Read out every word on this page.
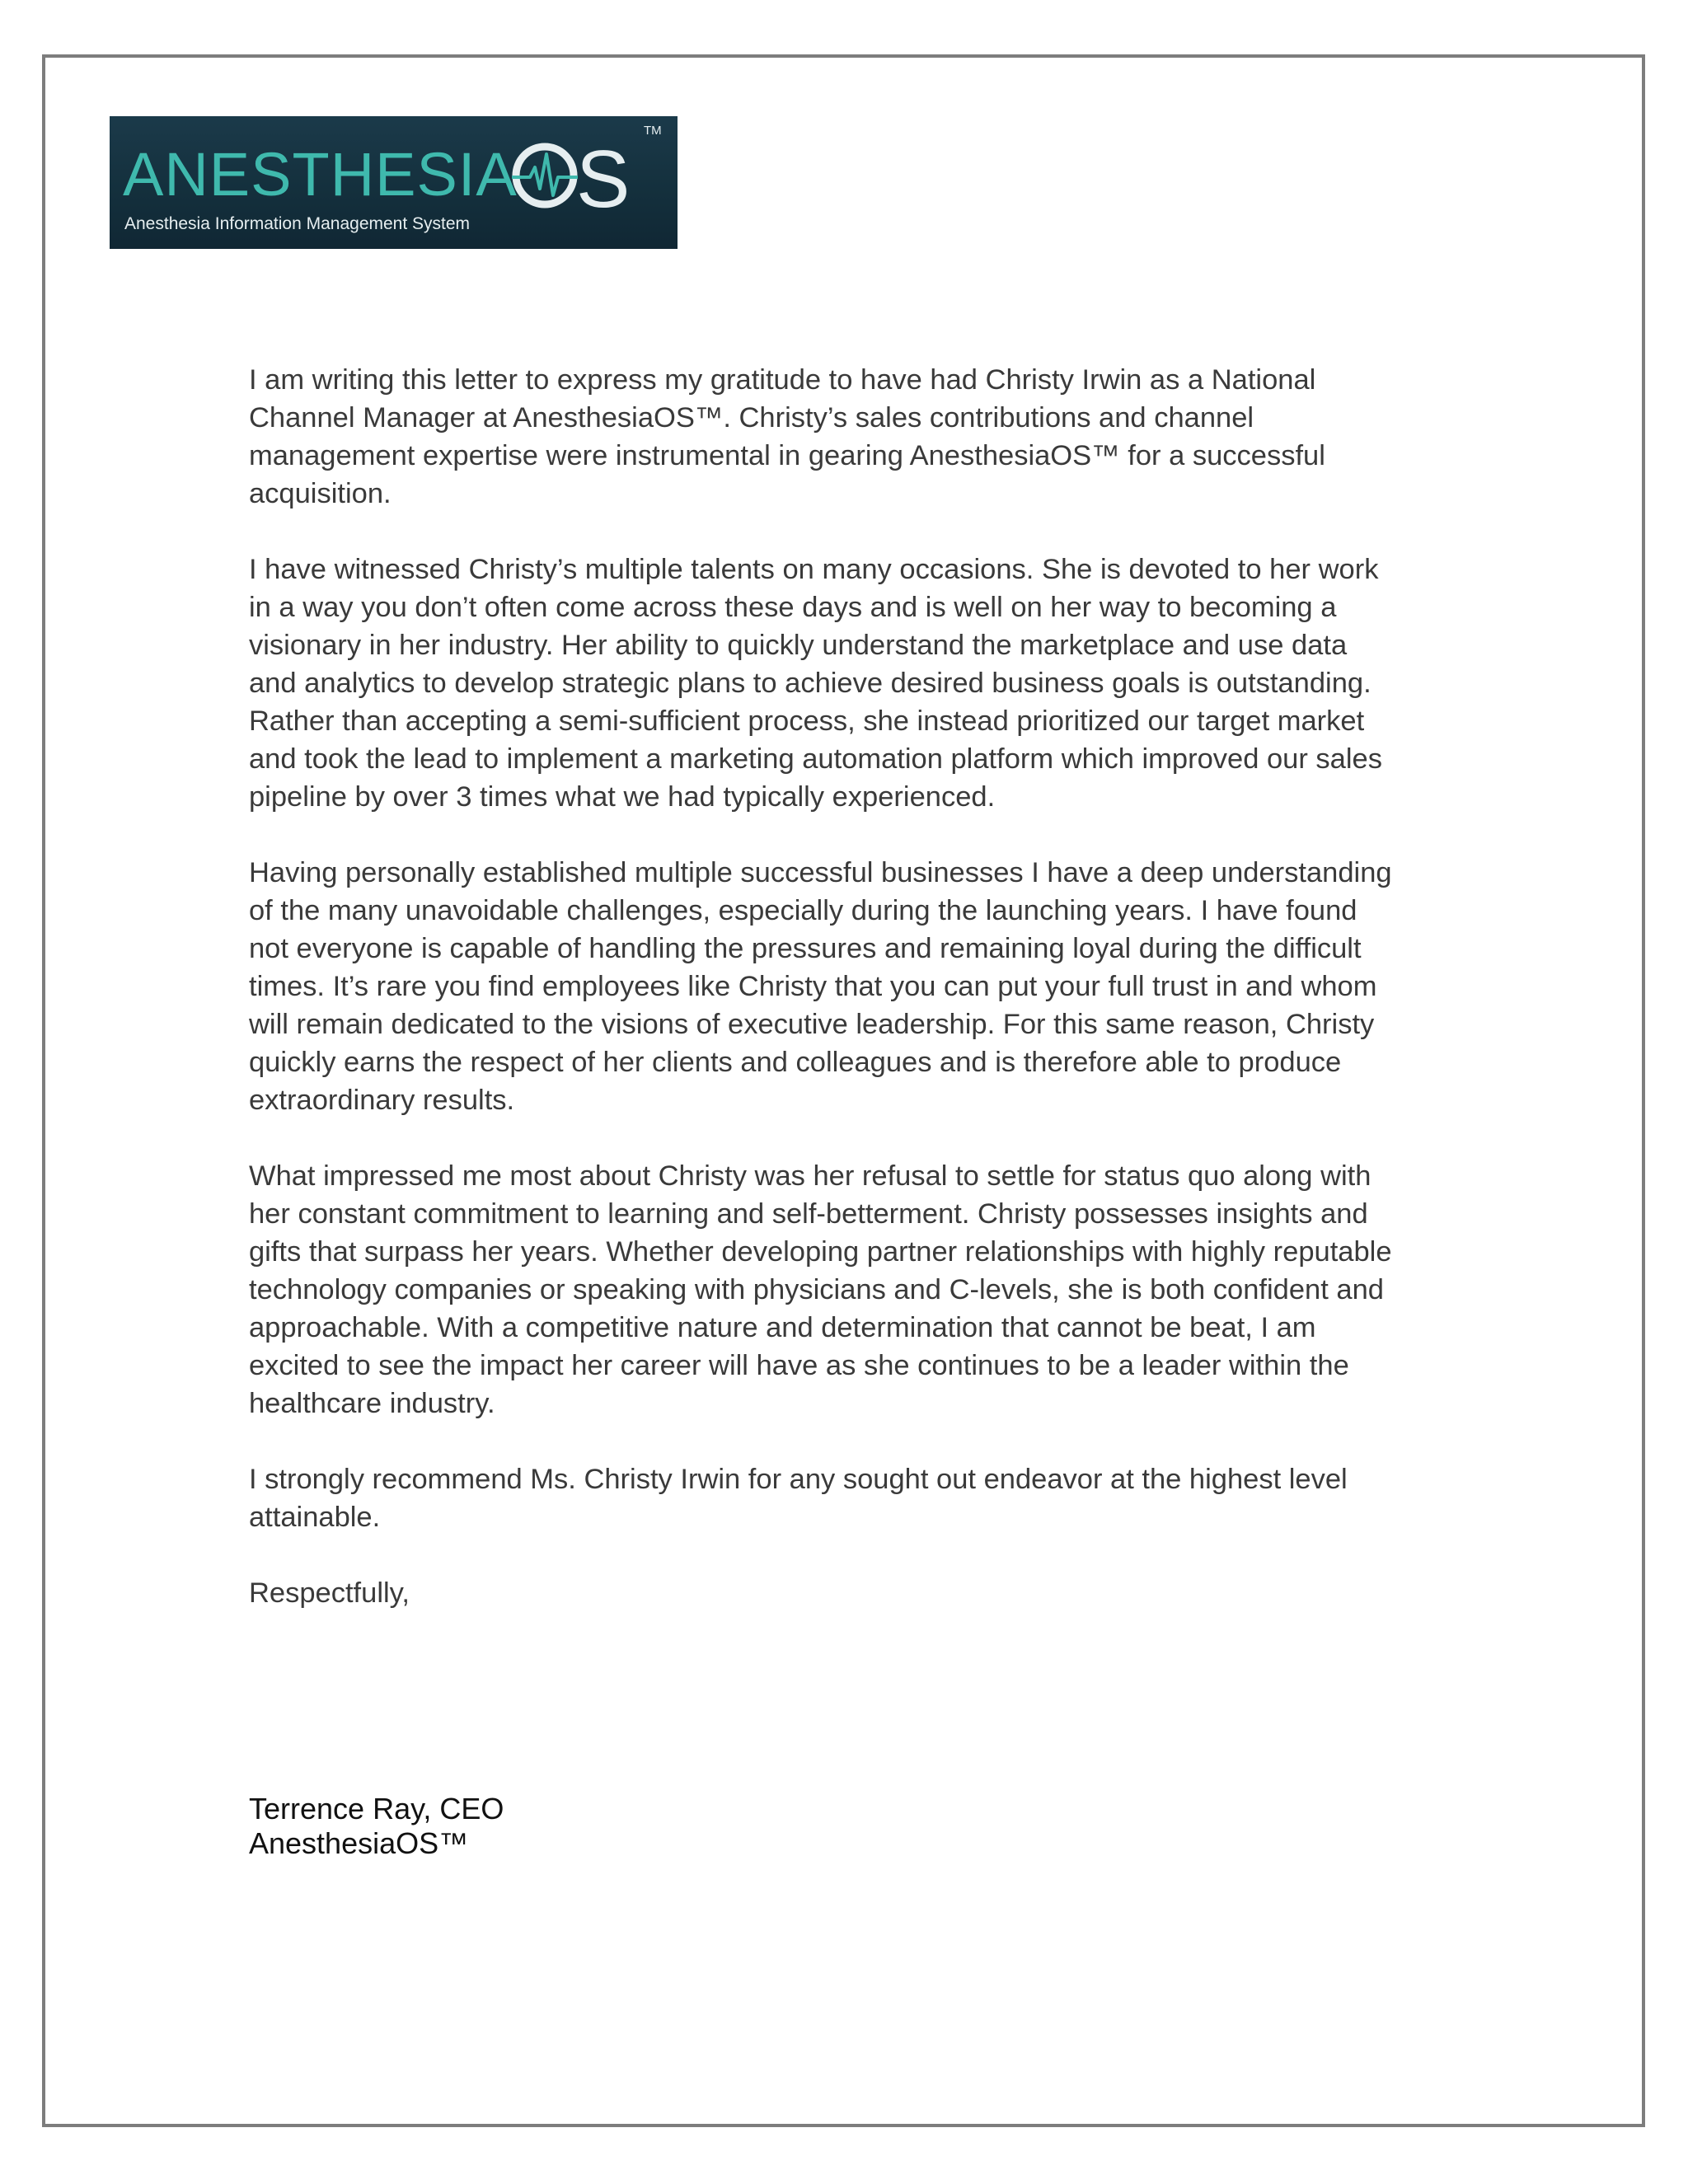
ANESTHESIA S
TM
Anesthesia Information Management System

I am writing this letter to express my gratitude to have had Christy Irwin as a National
Channel Manager at AnesthesiaOS™. Christy’s sales contributions and channel
management expertise were instrumental in gearing AnesthesiaOS™ for a successful
acquisition.

I have witnessed Christy’s multiple talents on many occasions. She is devoted to her work
in a way you don’t often come across these days and is well on her way to becoming a
visionary in her industry. Her ability to quickly understand the marketplace and use data
and analytics to develop strategic plans to achieve desired business goals is outstanding.
Rather than accepting a semi-sufficient process, she instead prioritized our target market
and took the lead to implement a marketing automation platform which improved our sales
pipeline by over 3 times what we had typically experienced.

Having personally established multiple successful businesses I have a deep understanding
of the many unavoidable challenges, especially during the launching years. I have found
not everyone is capable of handling the pressures and remaining loyal during the difficult
times. It’s rare you find employees like Christy that you can put your full trust in and whom
will remain dedicated to the visions of executive leadership. For this same reason, Christy
quickly earns the respect of her clients and colleagues and is therefore able to produce
extraordinary results.

What impressed me most about Christy was her refusal to settle for status quo along with
her constant commitment to learning and self-betterment. Christy possesses insights and
gifts that surpass her years. Whether developing partner relationships with highly reputable
technology companies or speaking with physicians and C-levels, she is both confident and
approachable. With a competitive nature and determination that cannot be beat, I am
excited to see the impact her career will have as she continues to be a leader within the
healthcare industry.

I strongly recommend Ms. Christy Irwin for any sought out endeavor at the highest level
attainable.

Respectfully,

Terrence Ray, CEO
AnesthesiaOS™
